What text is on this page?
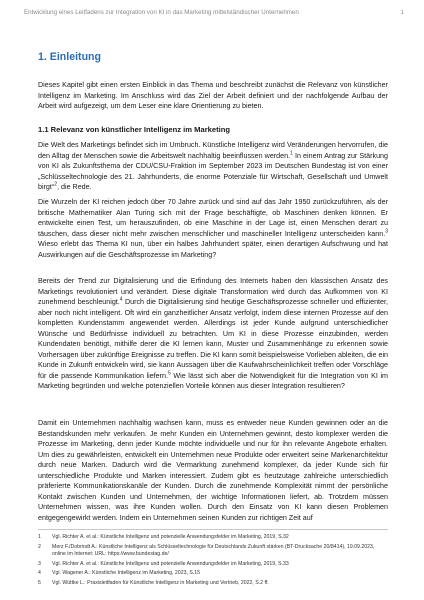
Entwicklung eines Leitfadens zur Integration von KI in das Marketing mittelständischer Unternehmen	1
1. Einleitung
Dieses Kapitel gibt einen ersten Einblick in das Thema und beschreibt zunächst die Relevanz von künstlicher Intelligenz im Marketing. Im Anschluss wird das Ziel der Arbeit definiert und der nachfolgende Aufbau der Arbeit wird aufgezeigt, um dem Leser eine klare Orientierung zu bieten.
1.1 Relevanz von künstlicher Intelligenz im Marketing
Die Welt des Marketings befindet sich im Umbruch. Künstliche Intelligenz wird Veränderungen hervorrufen, die den Alltag der Menschen sowie die Arbeitswelt nachhaltig beeinflussen werden.$^1$ In einem Antrag zur Stärkung von KI als Zukunftsthema der CDU/CSU-Fraktion im September 2023 im Deutschen Bundestag ist von einer „Schlüsseltechnologie des 21. Jahrhunderts, die enorme Potenziale für Wirtschaft, Gesellschaft und Umwelt birgt“$^2$, die Rede.
Die Wurzeln der KI reichen jedoch über 70 Jahre zurück und sind auf das Jahr 1950 zurückzuführen, als der britische Mathematiker Alan Turing sich mit der Frage beschäftigte, ob Maschinen denken können. Er entwickelte einen Test, um herauszufinden, ob eine Maschine in der Lage ist, einen Menschen derart zu täuschen, dass dieser nicht mehr zwischen menschlicher und maschineller Intelligenz unterscheiden kann.$^3$ Wieso erlebt das Thema KI nun, über ein halbes Jahrhundert später, einen derartigen Aufschwung und hat Auswirkungen auf die Geschäftsprozesse im Marketing?
Bereits der Trend zur Digitalisierung und die Erfindung des Internets haben den klassischen Ansatz des Marketings revolutioniert und verändert. Diese digitale Transformation wird durch das Aufkommen von KI zunehmend beschleunigt.$^4$ Durch die Digitalisierung sind heutige Geschäftsprozesse schneller und effizienter, aber noch nicht intelligent. Oft wird ein ganzheitlicher Ansatz verfolgt, indem diese internen Prozesse auf den kompletten Kundenstamm angewendet werden. Allerdings ist jeder Kunde aufgrund unterschiedlicher Wünsche und Bedürfnisse individuell zu betrachten. Um KI in diese Prozesse einzubinden, werden Kundendaten benötigt, mithilfe derer die KI lernen kann, Muster und Zusammenhänge zu erkennen sowie Vorhersagen über zukünftige Ereignisse zu treffen. Die KI kann somit beispielsweise Vorlieben ableiten, die ein Kunde in Zukunft entwickeln wird, sie kann Aussagen über die Kaufwahrscheinlichkeit treffen oder Vorschläge für die passende Kommunikation liefern.$^5$ Wie lässt sich aber die Notwendigkeit für die Integration von KI im Marketing begründen und welche potenziellen Vorteile können aus dieser Integration resultieren?
Damit ein Unternehmen nachhaltig wachsen kann, muss es entweder neue Kunden gewinnen oder an die Bestandskunden mehr verkaufen. Je mehr Kunden ein Unternehmen gewinnt, desto komplexer werden die Prozesse im Marketing, denn jeder Kunde möchte individuelle und nur für ihn relevante Angebote erhalten. Um dies zu gewährleisten, entwickelt ein Unternehmen neue Produkte oder erweitert seine Markenarchitektur durch neue Marken. Dadurch wird die Vermarktung zunehmend komplexer, da jeder Kunde sich für unterschiedliche Produkte und Marken interessiert. Zudem gibt es heutzutage zahlreiche unterschiedlich präferierte Kommunikationskanäle der Kunden. Durch die zunehmende Komplexität nimmt der persönliche Kontakt zwischen Kunden und Unternehmen, der wichtige Informationen liefert, ab. Trotzdem müssen Unternehmen wissen, was ihre Kunden wollen. Durch den Einsatz von KI kann diesen Problemen entgegengewirkt werden. Indem ein Unternehmen seinen Kunden zur richtigen Zeit auf
1	Vgl. Richter A. et al.: Künstliche Intelligenz und potenzielle Anwendungsfelder im Marketing, 2019, S.32
2	Merz F./Dobrindt A.: Künstliche Intelligenz als Schlüsseltechnologie für Deutschlands Zukunft stärken (BT-Drucksache 20/8414), 19.09.2023, online im Internet: URL: https://www.bundestag.de/
3	Vgl. Richter A. et al.: Künstliche Intelligenz und potenzielle Anwendungsfelder im Marketing, 2019, S.33
4	Vgl. Wagener A.: Künstliche Intelligenz im Marketing, 2023, S.15
5	Vgl. Wüttke L.: Praxisleitfaden für Künstliche Intelligenz in Marketing und Vertrieb, 2022, S.2 ff.
